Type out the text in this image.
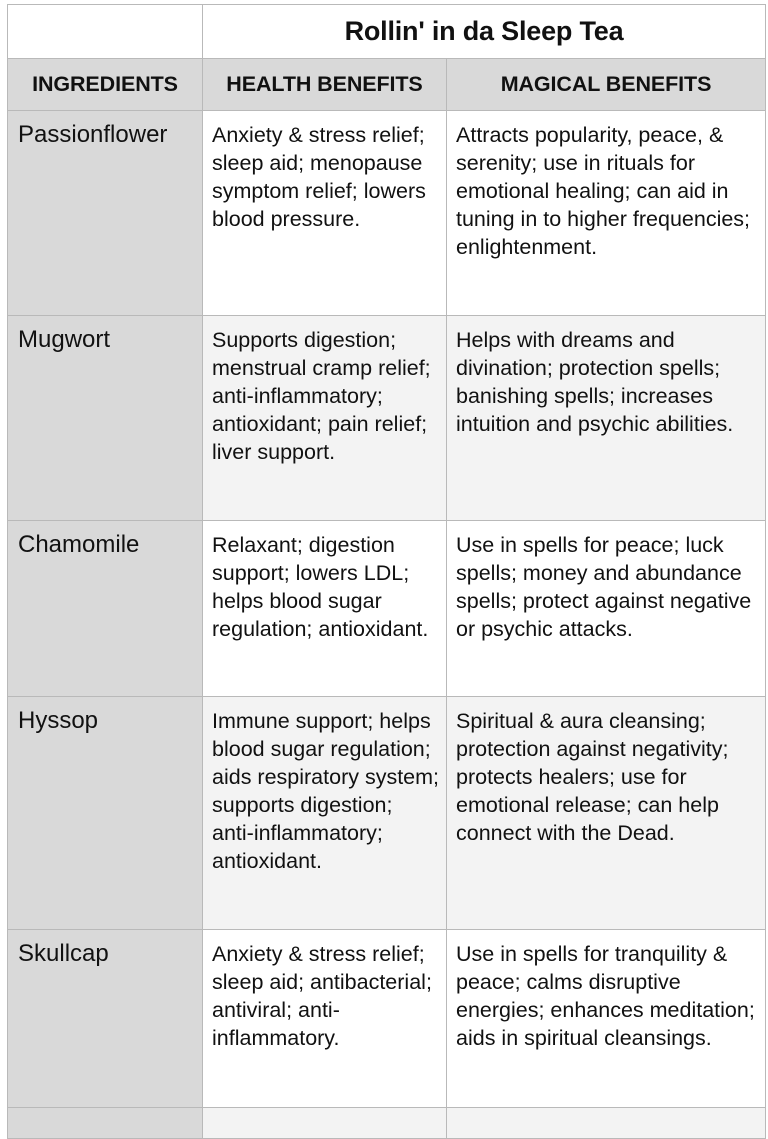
	Rollin' in da Sleep Tea	
INGREDIENTS	HEALTH BENEFITS	MAGICAL BENEFITS
Passionflower	Anxiety & stress relief; sleep aid; menopause symptom relief; lowers blood pressure.	Attracts popularity, peace, & serenity; use in rituals for emotional healing; can aid in tuning in to higher frequencies; enlightenment.
Mugwort	Supports digestion; menstrual cramp relief; anti-inflammatory; antioxidant; pain relief; liver support.	Helps with dreams and divination; protection spells; banishing spells; increases intuition and psychic abilities.
Chamomile	Relaxant; digestion support; lowers LDL; helps blood sugar regulation; antioxidant.	Use in spells for peace; luck spells; money and abundance spells; protect against negative or psychic attacks.
Hyssop	Immune support; helps blood sugar regulation; aids respiratory system; supports digestion; anti-inflammatory; antioxidant.	Spiritual & aura cleansing; protection against negativity; protects healers; use for emotional release; can help connect with the Dead.
Skullcap	Anxiety & stress relief; sleep aid; antibacterial; antiviral; anti-inflammatory.	Use in spells for tranquility & peace; calms disruptive energies; enhances meditation; aids in spiritual cleansings.
